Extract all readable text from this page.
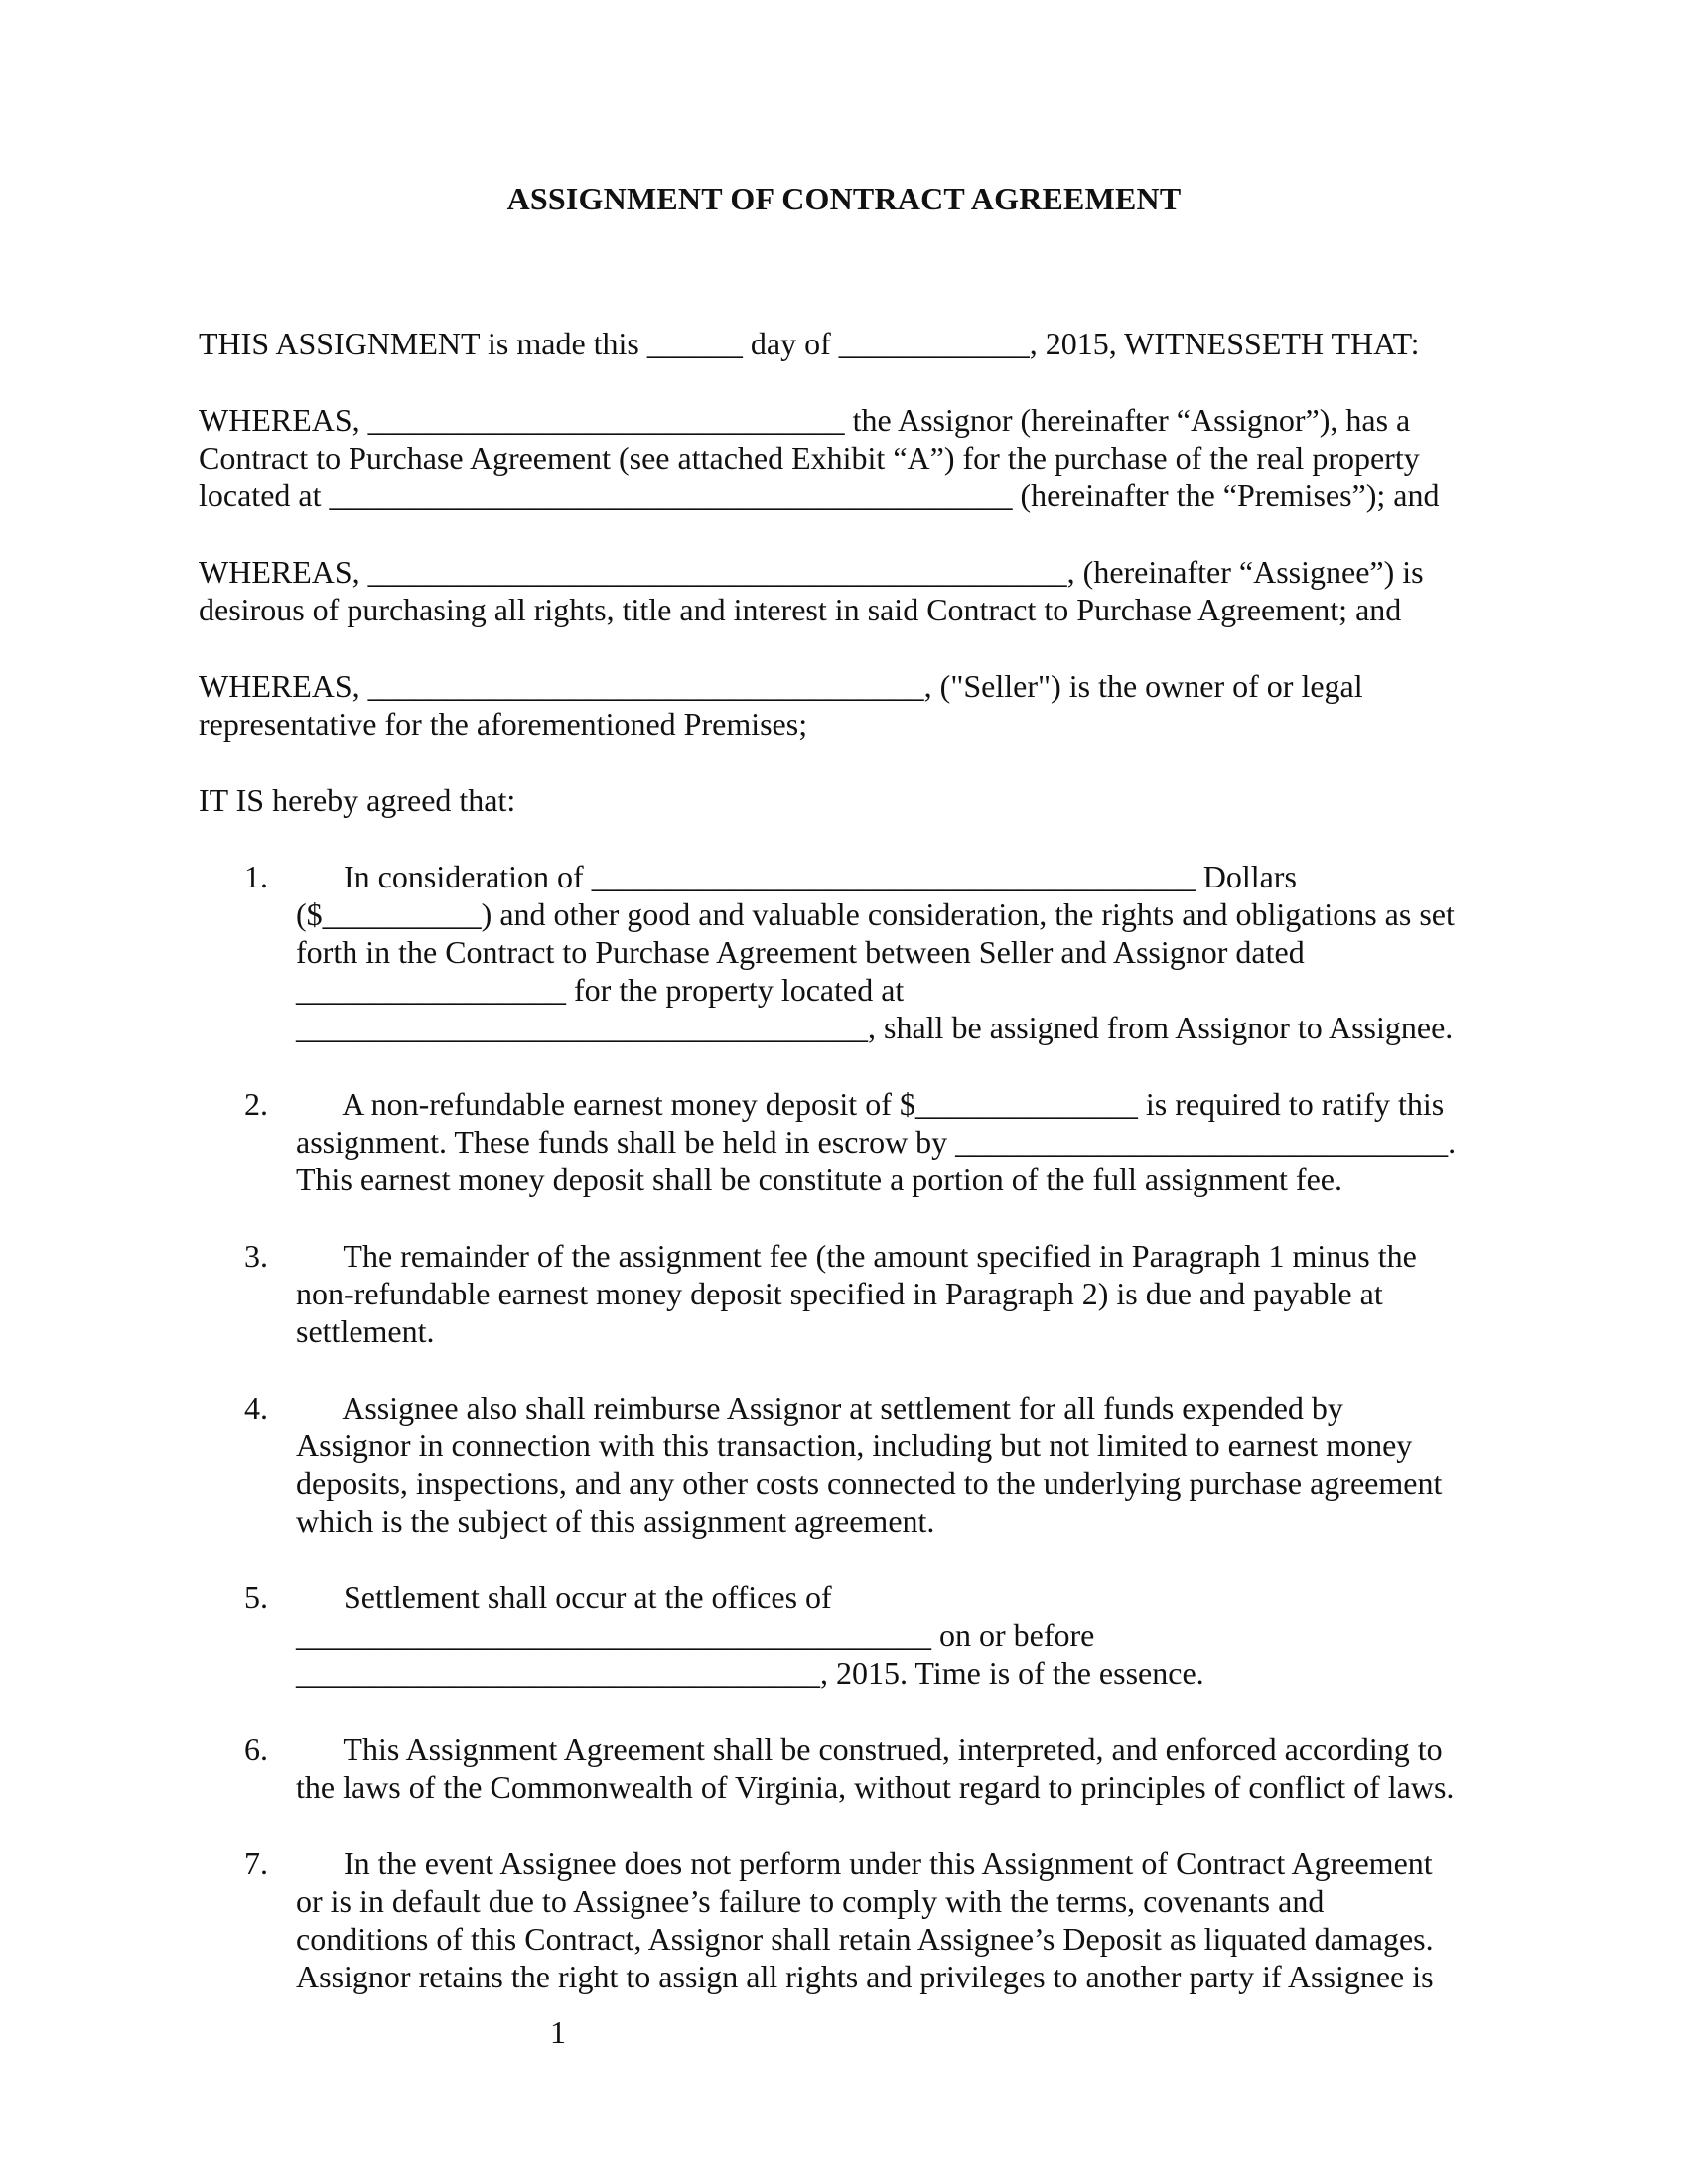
ASSIGNMENT OF CONTRACT AGREEMENT
THIS ASSIGNMENT is made this ______ day of ____________, 2015, WITNESSETH THAT:
WHEREAS, ______________________________ the Assignor (hereinafter “Assignor”), has a
Contract to Purchase Agreement (see attached Exhibit “A”) for the purchase of the real property
located at ___________________________________________ (hereinafter the “Premises”); and
WHEREAS, ____________________________________________, (hereinafter “Assignee”) is
desirous of purchasing all rights, title and interest in said Contract to Purchase Agreement; and
WHEREAS, ___________________________________, ("Seller") is the owner of or legal
representative for the aforementioned Premises;
IT IS hereby agreed that:
1. In consideration of ______________________________________ Dollars
($__________) and other good and valuable consideration, the rights and obligations as set
forth in the Contract to Purchase Agreement between Seller and Assignor dated
_________________ for the property located at
____________________________________, shall be assigned from Assignor to Assignee.
2. A non-refundable earnest money deposit of $______________ is required to ratify this
assignment. These funds shall be held in escrow by _______________________________.
This earnest money deposit shall be constitute a portion of the full assignment fee.
3. The remainder of the assignment fee (the amount specified in Paragraph 1 minus the
non-refundable earnest money deposit specified in Paragraph 2) is due and payable at
settlement.
4. Assignee also shall reimburse Assignor at settlement for all funds expended by
Assignor in connection with this transaction, including but not limited to earnest money
deposits, inspections, and any other costs connected to the underlying purchase agreement
which is the subject of this assignment agreement.
5. Settlement shall occur at the offices of
________________________________________ on or before
_________________________________, 2015. Time is of the essence.
6. This Assignment Agreement shall be construed, interpreted, and enforced according to
the laws of the Commonwealth of Virginia, without regard to principles of conflict of laws.
7. In the event Assignee does not perform under this Assignment of Contract Agreement
or is in default due to Assignee’s failure to comply with the terms, covenants and
conditions of this Contract, Assignor shall retain Assignee’s Deposit as liquated damages.
Assignor retains the right to assign all rights and privileges to another party if Assignee is
1
